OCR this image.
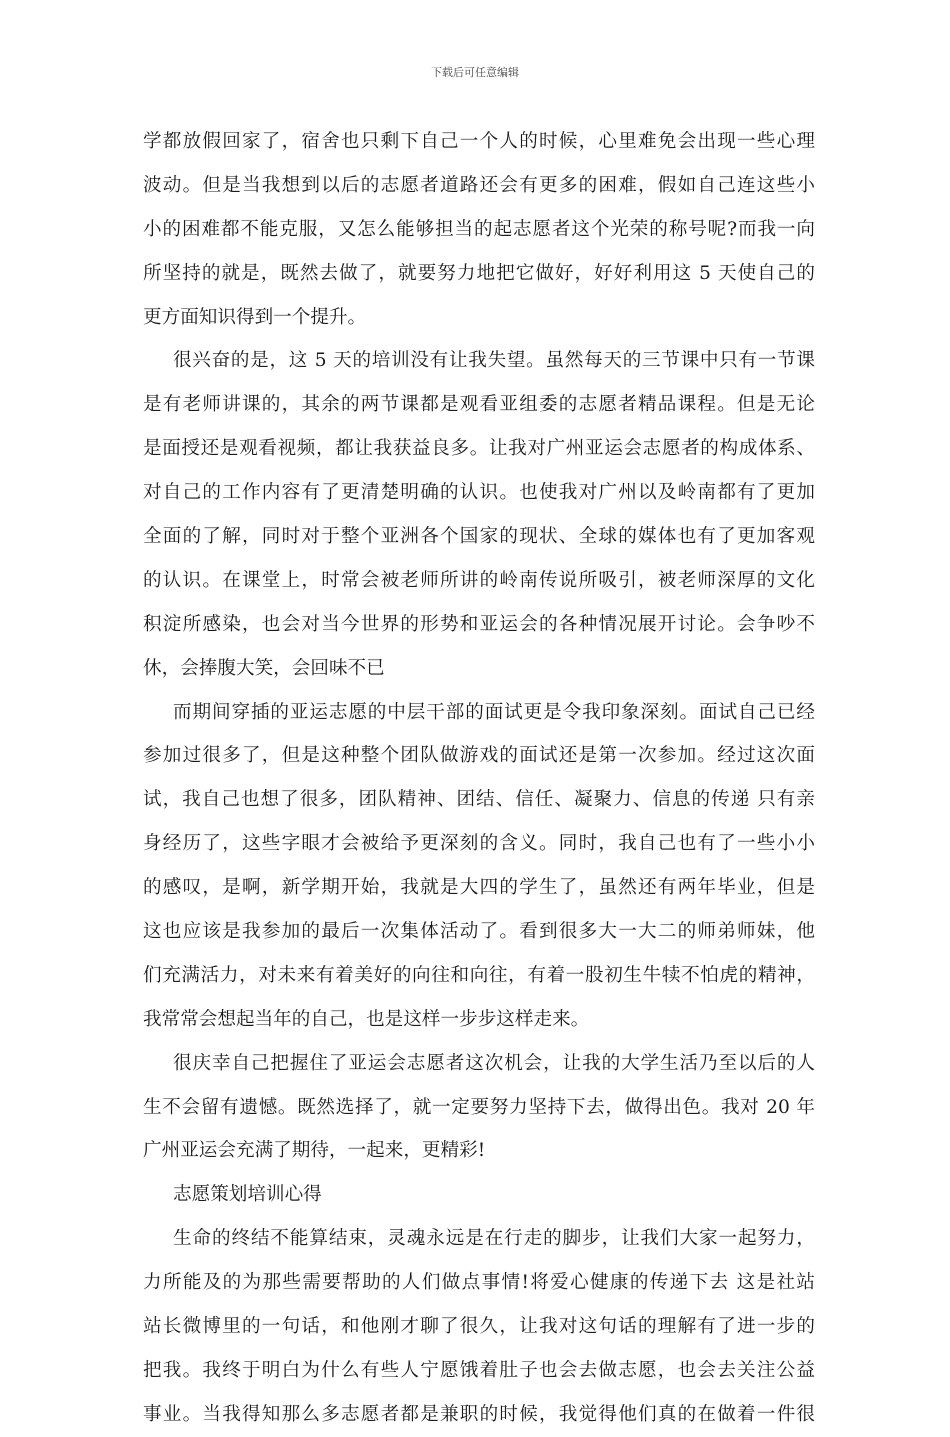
下载后可任意编辑
学都放假回家了，宿舍也只剩下自己一个人的时候，心里难免会出现一些心理
波动。但是当我想到以后的志愿者道路还会有更多的困难，假如自己连这些小
小的困难都不能克服，又怎么能够担当的起志愿者这个光荣的称号呢?而我一向
所坚持的就是，既然去做了，就要努力地把它做好，好好利用这 5 天使自己的
更方面知识得到一个提升。
很兴奋的是，这 5 天的培训没有让我失望。虽然每天的三节课中只有一节课
是有老师讲课的，其余的两节课都是观看亚组委的志愿者精品课程。但是无论
是面授还是观看视频，都让我获益良多。让我对广州亚运会志愿者的构成体系、
对自己的工作内容有了更清楚明确的认识。也使我对广州以及岭南都有了更加
全面的了解，同时对于整个亚洲各个国家的现状、全球的媒体也有了更加客观
的认识。在课堂上，时常会被老师所讲的岭南传说所吸引，被老师深厚的文化
积淀所感染，也会对当今世界的形势和亚运会的各种情况展开讨论。会争吵不
休，会捧腹大笑，会回味不已
而期间穿插的亚运志愿的中层干部的面试更是令我印象深刻。面试自己已经
参加过很多了，但是这种整个团队做游戏的面试还是第一次参加。经过这次面
试，我自己也想了很多，团队精神、团结、信任、凝聚力、信息的传递 只有亲
身经历了，这些字眼才会被给予更深刻的含义。同时，我自己也有了一些小小
的感叹，是啊，新学期开始，我就是大四的学生了，虽然还有两年毕业，但是
这也应该是我参加的最后一次集体活动了。看到很多大一大二的师弟师妹，他
们充满活力，对未来有着美好的向往和向往，有着一股初生牛犊不怕虎的精神，
我常常会想起当年的自己，也是这样一步步这样走来。
很庆幸自己把握住了亚运会志愿者这次机会，让我的大学生活乃至以后的人
生不会留有遗憾。既然选择了，就一定要努力坚持下去，做得出色。我对 20 年
广州亚运会充满了期待，一起来，更精彩!
志愿策划培训心得
生命的终结不能算结束，灵魂永远是在行走的脚步，让我们大家一起努力，
力所能及的为那些需要帮助的人们做点事情!将爱心健康的传递下去 这是社站
站长微博里的一句话，和他刚才聊了很久，让我对这句话的理解有了进一步的
把我。我终于明白为什么有些人宁愿饿着肚子也会去做志愿，也会去关注公益
事业。当我得知那么多志愿者都是兼职的时候，我觉得他们真的在做着一件很
